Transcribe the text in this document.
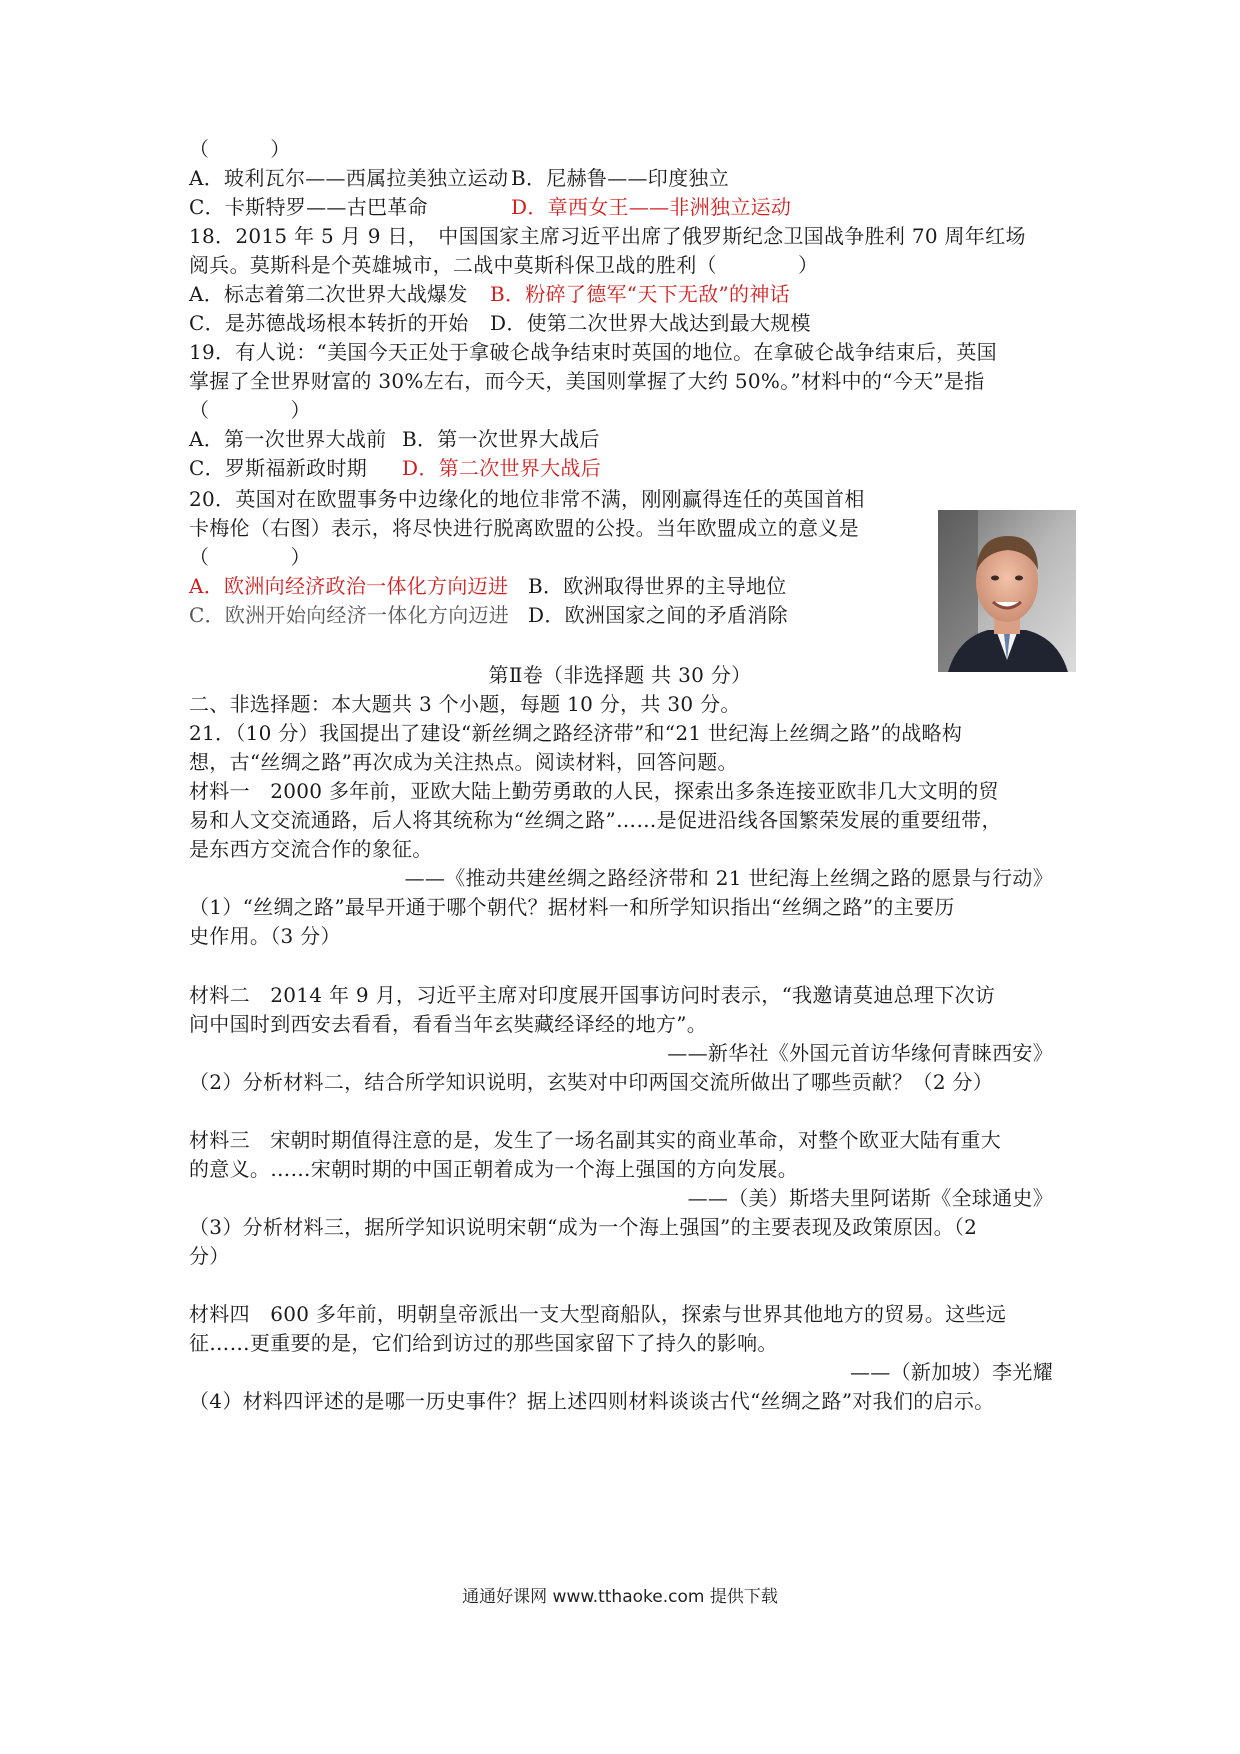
（　　　）
A．玻利瓦尔——西属拉美独立运动 B．尼赫鲁——印度独立
C．卡斯特罗——古巴革命	D．章西女王——非洲独立运动
18．2015 年 5 月 9 日，　中国国家主席习近平出席了俄罗斯纪念卫国战争胜利 70 周年红场
阅兵。莫斯科是个英雄城市，二战中莫斯科保卫战的胜利（　　　　）
A．标志着第二次世界大战爆发 B．粉碎了德军“天下无敌”的神话
C．是苏德战场根本转折的开始 D．使第二次世界大战达到最大规模
19．有人说：“美国今天正处于拿破仑战争结束时英国的地位。在拿破仑战争结束后，英国
掌握了全世界财富的 30%左右，而今天，美国则掌握了大约 50%。”材料中的“今天”是指
（　　　　）
A．第一次世界大战前 B．第一次世界大战后
C．罗斯福新政时期 D．第二次世界大战后
20．英国对在欧盟事务中边缘化的地位非常不满，刚刚赢得连任的英国首相
卡梅伦（右图）表示，将尽快进行脱离欧盟的公投。当年欧盟成立的意义是
（　　　　）
A．欧洲向经济政治一体化方向迈进 B．欧洲取得世界的主导地位
C．欧洲开始向经济一体化方向迈进 D．欧洲国家之间的矛盾消除
第Ⅱ卷（非选择题 共 30 分）
二、非选择题：本大题共 3 个小题，每题 10 分，共 30 分。
21．（10 分）我国提出了建设“新丝绸之路经济带”和“21 世纪海上丝绸之路”的战略构
想，古“丝绸之路”再次成为关注热点。阅读材料，回答问题。
材料一　2000 多年前，亚欧大陆上勤劳勇敢的人民，探索出多条连接亚欧非几大文明的贸
易和人文交流通路，后人将其统称为“丝绸之路”……是促进沿线各国繁荣发展的重要纽带，
是东西方交流合作的象征。
——《推动共建丝绸之路经济带和 21 世纪海上丝绸之路的愿景与行动》
（1）“丝绸之路”最早开通于哪个朝代？据材料一和所学知识指出“丝绸之路”的主要历
史作用。（3 分）
材料二　2014 年 9 月，习近平主席对印度展开国事访问时表示，“我邀请莫迪总理下次访
问中国时到西安去看看，看看当年玄奘藏经译经的地方”。
——新华社《外国元首访华缘何青睐西安》
（2）分析材料二，结合所学知识说明，玄奘对中印两国交流所做出了哪些贡献？（2 分）
材料三　宋朝时期值得注意的是，发生了一场名副其实的商业革命，对整个欧亚大陆有重大
的意义。……宋朝时期的中国正朝着成为一个海上强国的方向发展。
——（美）斯塔夫里阿诺斯《全球通史》
（3）分析材料三，据所学知识说明宋朝“成为一个海上强国”的主要表现及政策原因。（2
分）
材料四　600 多年前，明朝皇帝派出一支大型商船队，探索与世界其他地方的贸易。这些远
征……更重要的是，它们给到访过的那些国家留下了持久的影响。
——（新加坡）李光耀
（4）材料四评述的是哪一历史事件？据上述四则材料谈谈古代“丝绸之路”对我们的启示。
通通好课网 www.tthaoke.com 提供下载
